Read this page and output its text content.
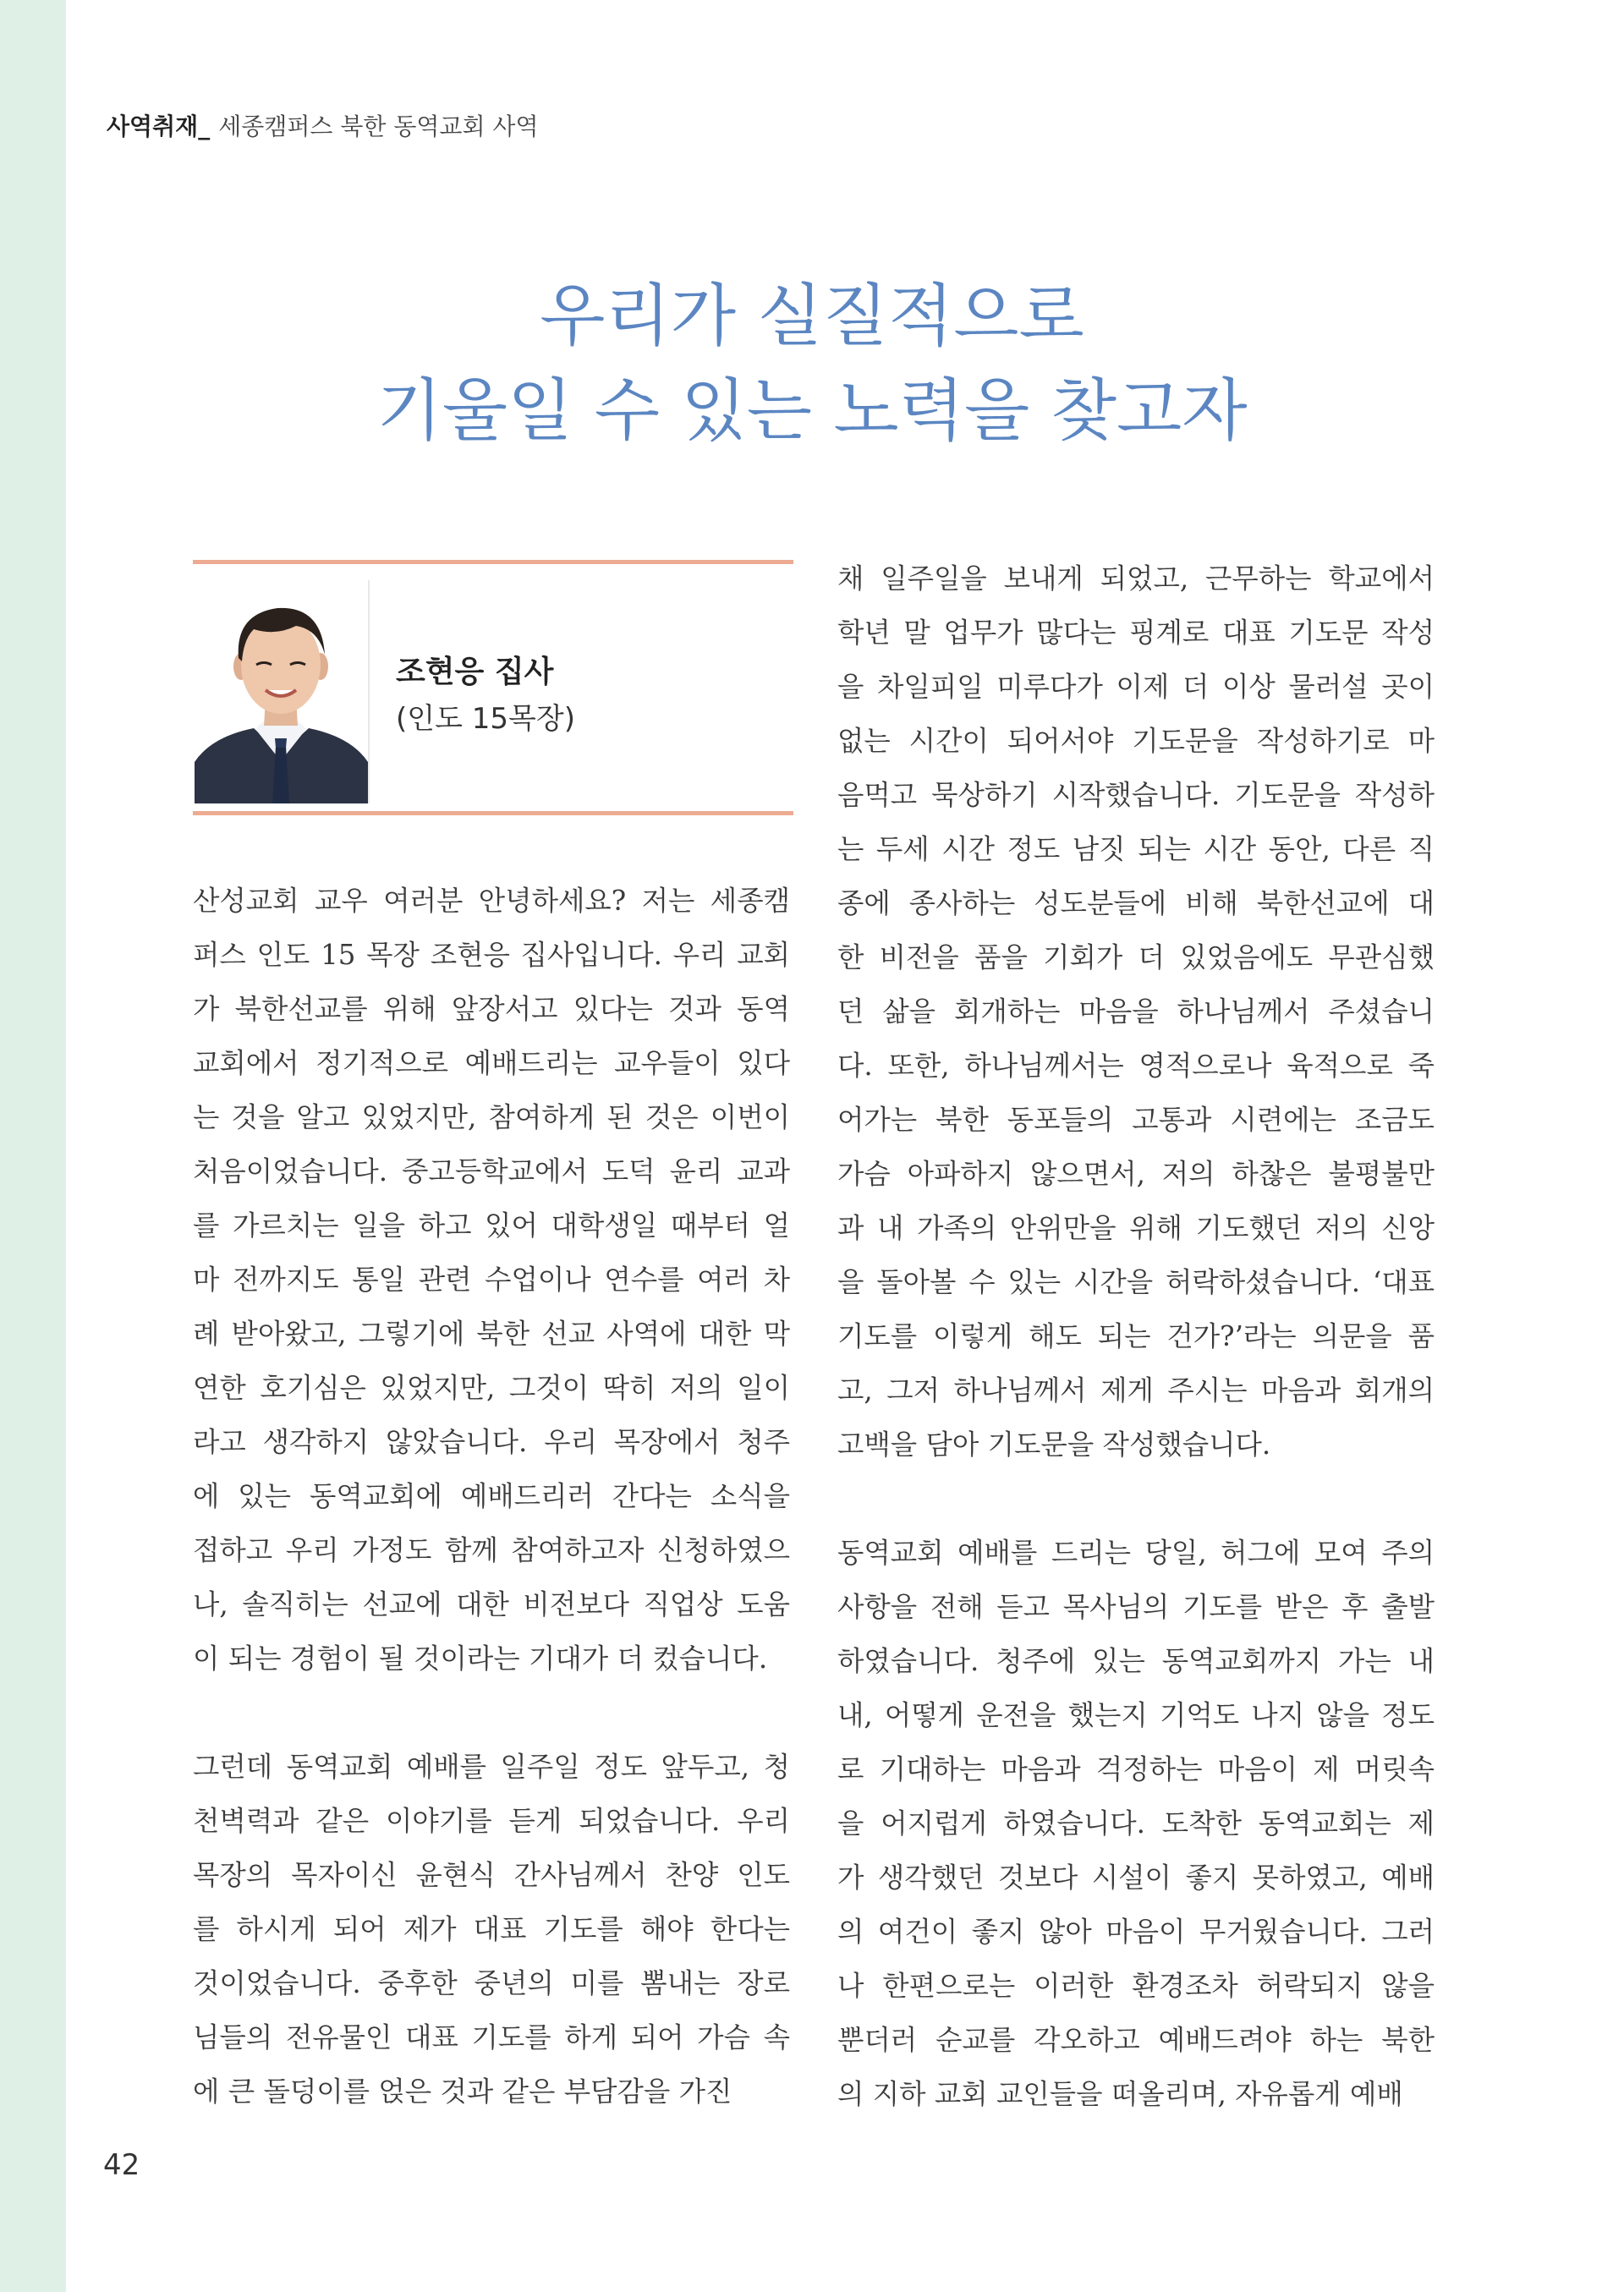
사역취재_ 세종캠퍼스 북한 동역교회 사역
우리가 실질적으로
기울일 수 있는 노력을 찾고자
조현응 집사
(인도 15목장)
산성교회 교우 여러분 안녕하세요? 저는 세종캠
퍼스 인도 15 목장 조현응 집사입니다. 우리 교회
가 북한선교를 위해 앞장서고 있다는 것과 동역
교회에서 정기적으로 예배드리는 교우들이 있다
는 것을 알고 있었지만, 참여하게 된 것은 이번이
처음이었습니다. 중고등학교에서 도덕 윤리 교과
를 가르치는 일을 하고 있어 대학생일 때부터 얼
마 전까지도 통일 관련 수업이나 연수를 여러 차
례 받아왔고, 그렇기에 북한 선교 사역에 대한 막
연한 호기심은 있었지만, 그것이 딱히 저의 일이
라고 생각하지 않았습니다. 우리 목장에서 청주
에 있는 동역교회에 예배드리러 간다는 소식을
접하고 우리 가정도 함께 참여하고자 신청하였으
나, 솔직히는 선교에 대한 비전보다 직업상 도움
이 되는 경험이 될 것이라는 기대가 더 컸습니다.
그런데 동역교회 예배를 일주일 정도 앞두고, 청
천벽력과 같은 이야기를 듣게 되었습니다. 우리
목장의 목자이신 윤현식 간사님께서 찬양 인도
를 하시게 되어 제가 대표 기도를 해야 한다는
것이었습니다. 중후한 중년의 미를 뽐내는 장로
님들의 전유물인 대표 기도를 하게 되어 가슴 속
에 큰 돌덩이를 얹은 것과 같은 부담감을 가진
채 일주일을 보내게 되었고, 근무하는 학교에서
학년 말 업무가 많다는 핑계로 대표 기도문 작성
을 차일피일 미루다가 이제 더 이상 물러설 곳이
없는 시간이 되어서야 기도문을 작성하기로 마
음먹고 묵상하기 시작했습니다. 기도문을 작성하
는 두세 시간 정도 남짓 되는 시간 동안, 다른 직
종에 종사하는 성도분들에 비해 북한선교에 대
한 비전을 품을 기회가 더 있었음에도 무관심했
던 삶을 회개하는 마음을 하나님께서 주셨습니
다. 또한, 하나님께서는 영적으로나 육적으로 죽
어가는 북한 동포들의 고통과 시련에는 조금도
가슴 아파하지 않으면서, 저의 하찮은 불평불만
과 내 가족의 안위만을 위해 기도했던 저의 신앙
을 돌아볼 수 있는 시간을 허락하셨습니다. ‘대표
기도를 이렇게 해도 되는 건가?’라는 의문을 품
고, 그저 하나님께서 제게 주시는 마음과 회개의
고백을 담아 기도문을 작성했습니다.
동역교회 예배를 드리는 당일, 허그에 모여 주의
사항을 전해 듣고 목사님의 기도를 받은 후 출발
하였습니다. 청주에 있는 동역교회까지 가는 내
내, 어떻게 운전을 했는지 기억도 나지 않을 정도
로 기대하는 마음과 걱정하는 마음이 제 머릿속
을 어지럽게 하였습니다. 도착한 동역교회는 제
가 생각했던 것보다 시설이 좋지 못하였고, 예배
의 여건이 좋지 않아 마음이 무거웠습니다. 그러
나 한편으로는 이러한 환경조차 허락되지 않을
뿐더러 순교를 각오하고 예배드려야 하는 북한
의 지하 교회 교인들을 떠올리며, 자유롭게 예배
42
